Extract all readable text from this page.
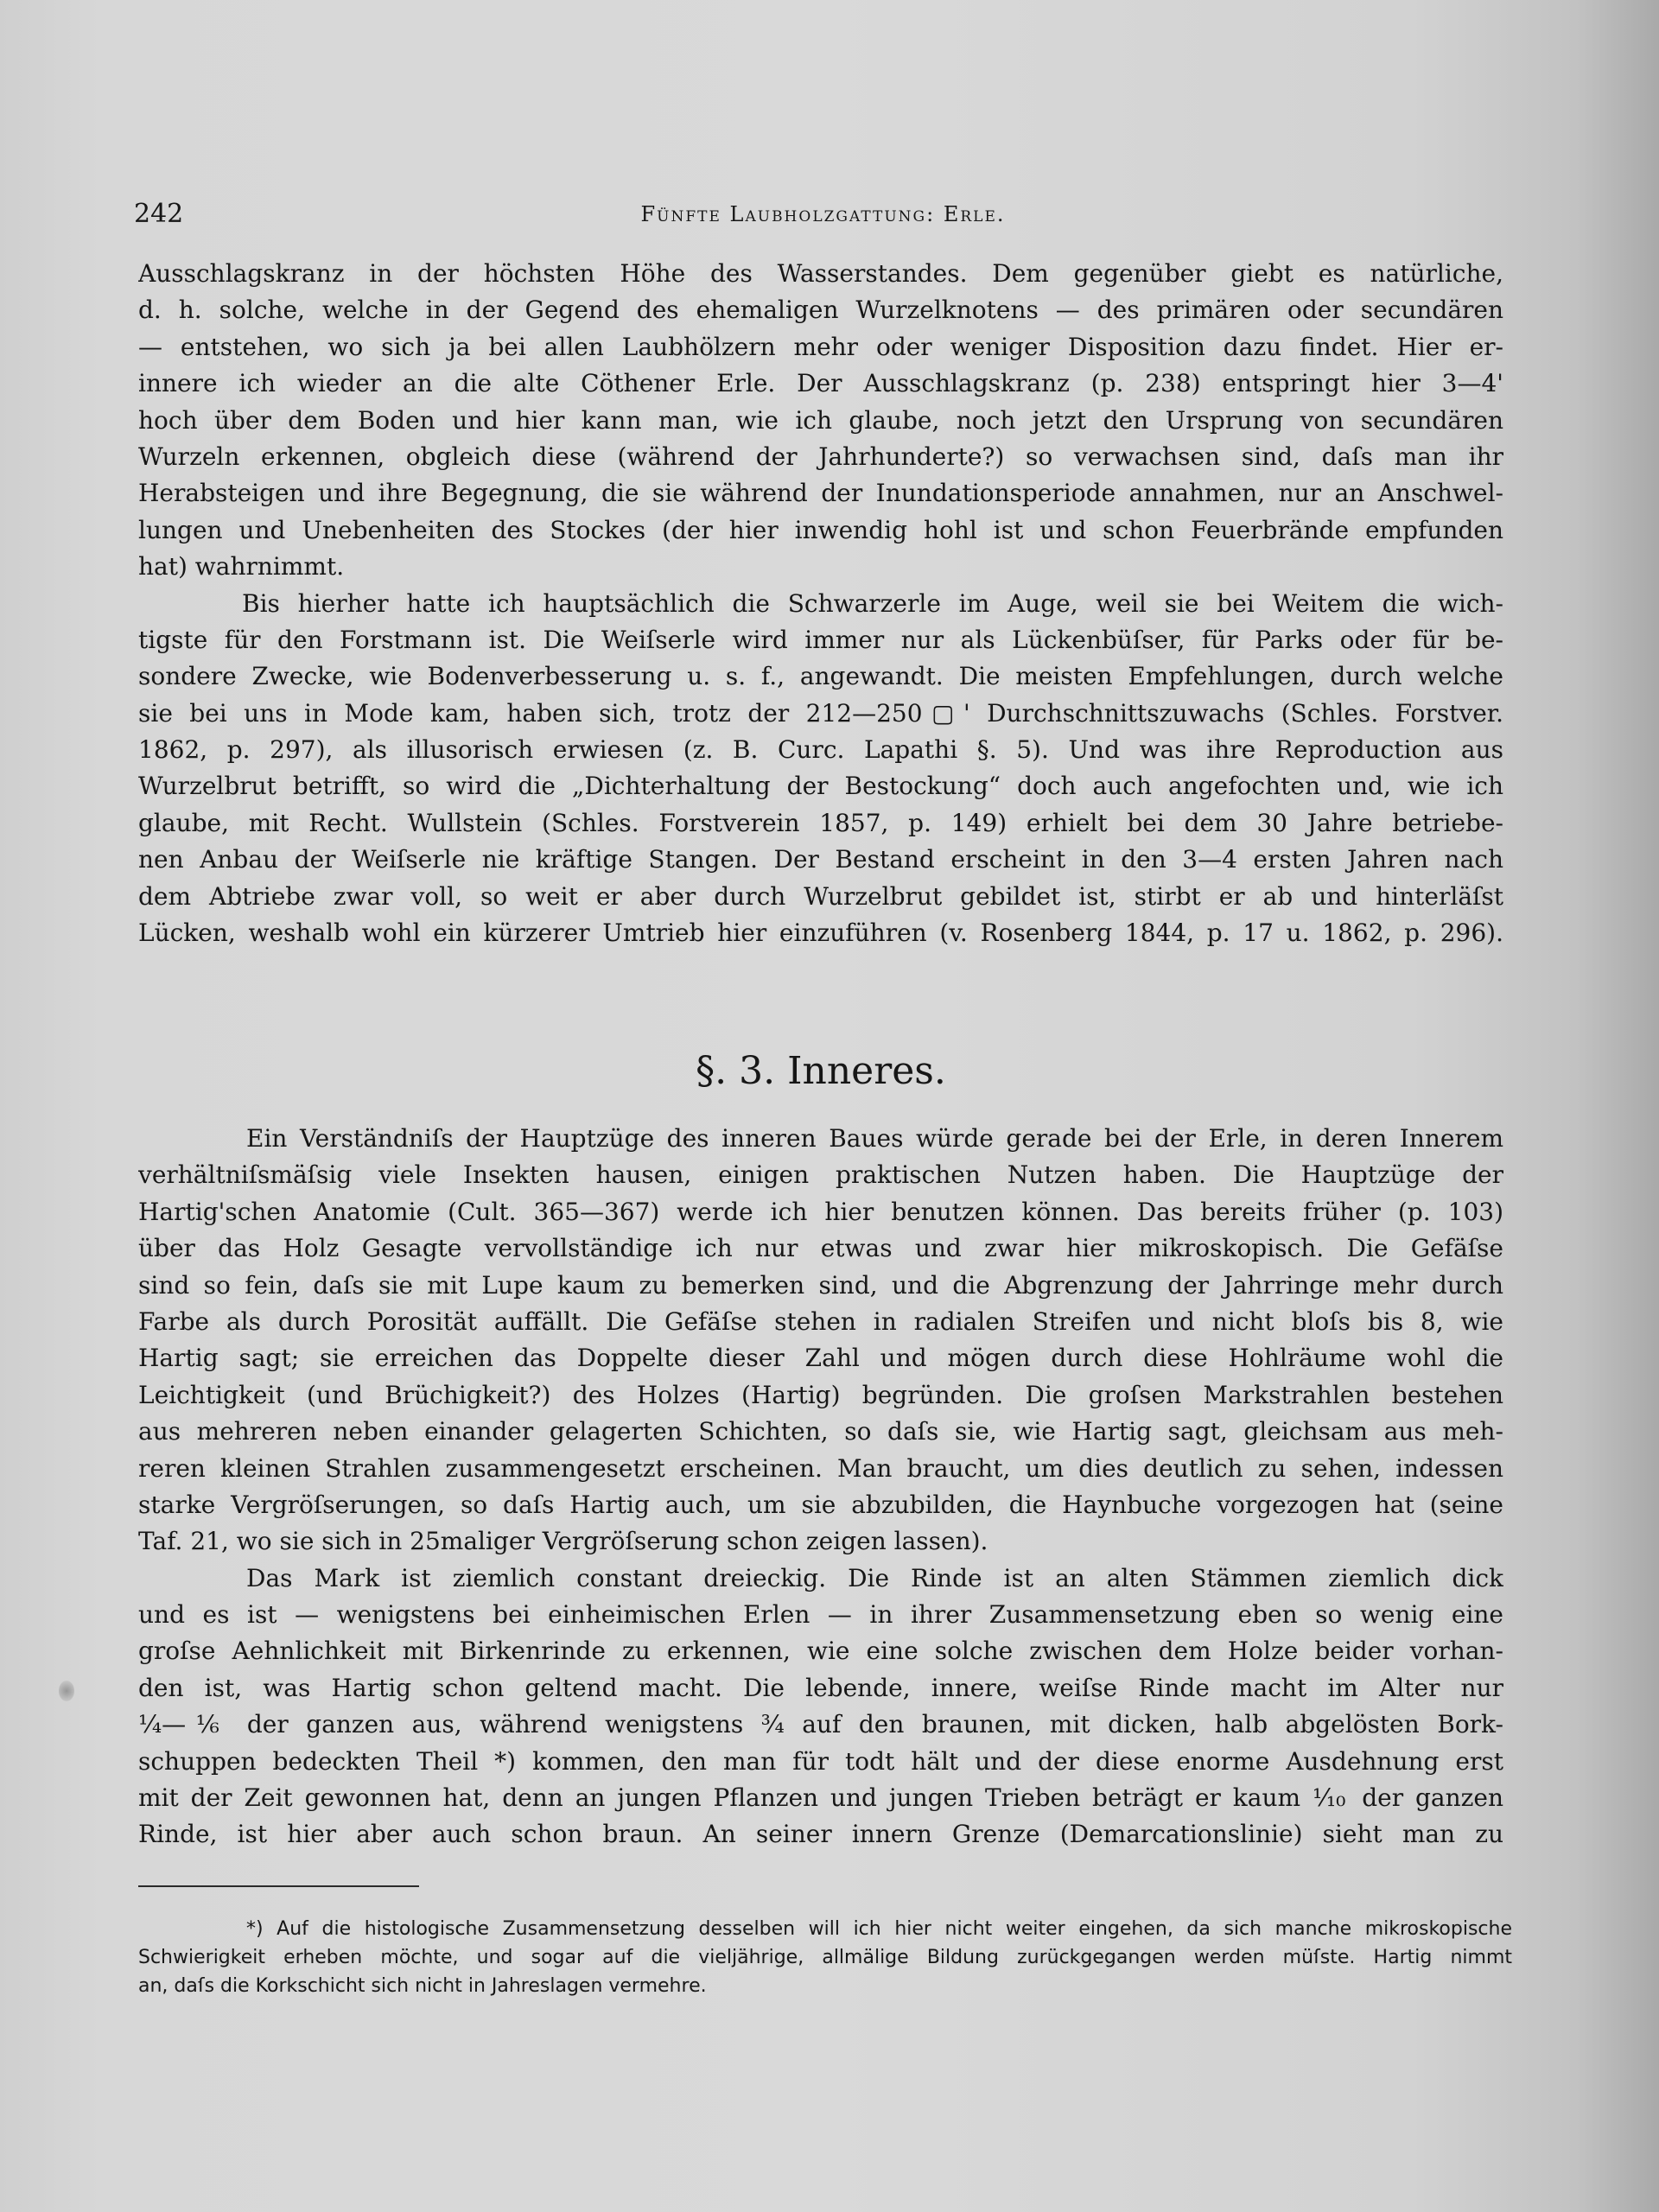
242	Fünfte Laubholzgattung: Erle.
Ausschlagskranz in der höchsten Höhe des Wasserstandes. Dem gegenüber giebt es natürliche,
d. h. solche, welche in der Gegend des ehemaligen Wurzelknotens — des primären oder secundären
— entstehen, wo sich ja bei allen Laubhölzern mehr oder weniger Disposition dazu findet. Hier er-
innere ich wieder an die alte Cöthener Erle. Der Ausschlagskranz (p. 238) entspringt hier 3—4'
hoch über dem Boden und hier kann man, wie ich glaube, noch jetzt den Ursprung von secundären
Wurzeln erkennen, obgleich diese (während der Jahrhunderte?) so verwachsen sind, daſs man ihr
Herabsteigen und ihre Begegnung, die sie während der Inundationsperiode annahmen, nur an Anschwel-
lungen und Unebenheiten des Stockes (der hier inwendig hohl ist und schon Feuerbrände empfunden
hat) wahrnimmt.
Bis hierher hatte ich hauptsächlich die Schwarzerle im Auge, weil sie bei Weitem die wich-
tigste für den Forstmann ist. Die Weiſserle wird immer nur als Lückenbüſser, für Parks oder für be-
sondere Zwecke, wie Bodenverbesserung u. s. f., angewandt. Die meisten Empfehlungen, durch welche
sie bei uns in Mode kam, haben sich, trotz der 212—250▢' Durchschnittszuwachs (Schles. Forstver.
1862, p. 297), als illusorisch erwiesen (z. B. Curc. Lapathi §. 5). Und was ihre Reproduction aus
Wurzelbrut betrifft, so wird die „Dichterhaltung der Bestockung“ doch auch angefochten und, wie ich
glaube, mit Recht. Wullstein (Schles. Forstverein 1857, p. 149) erhielt bei dem 30 Jahre betriebe-
nen Anbau der Weiſserle nie kräftige Stangen. Der Bestand erscheint in den 3—4 ersten Jahren nach
dem Abtriebe zwar voll, so weit er aber durch Wurzelbrut gebildet ist, stirbt er ab und hinterläſst
Lücken, weshalb wohl ein kürzerer Umtrieb hier einzuführen (v. Rosenberg 1844, p. 17 u. 1862, p. 296).
§. 3. Inneres.
Ein Verständniſs der Hauptzüge des inneren Baues würde gerade bei der Erle, in deren Innerem
verhältniſsmäſsig viele Insekten hausen, einigen praktischen Nutzen haben. Die Hauptzüge der
Hartig'schen Anatomie (Cult. 365—367) werde ich hier benutzen können. Das bereits früher (p. 103)
über das Holz Gesagte vervollständige ich nur etwas und zwar hier mikroskopisch. Die Gefäſse
sind so fein, daſs sie mit Lupe kaum zu bemerken sind, und die Abgrenzung der Jahrringe mehr durch
Farbe als durch Porosität auffällt. Die Gefäſse stehen in radialen Streifen und nicht bloſs bis 8, wie
Hartig sagt; sie erreichen das Doppelte dieser Zahl und mögen durch diese Hohlräume wohl die
Leichtigkeit (und Brüchigkeit?) des Holzes (Hartig) begründen. Die groſsen Markstrahlen bestehen
aus mehreren neben einander gelagerten Schichten, so daſs sie, wie Hartig sagt, gleichsam aus meh-
reren kleinen Strahlen zusammengesetzt erscheinen. Man braucht, um dies deutlich zu sehen, indessen
starke Vergröſserungen, so daſs Hartig auch, um sie abzubilden, die Haynbuche vorgezogen hat (seine
Taf. 21, wo sie sich in 25maliger Vergröſserung schon zeigen lassen).
Das Mark ist ziemlich constant dreieckig. Die Rinde ist an alten Stämmen ziemlich dick
und es ist — wenigstens bei einheimischen Erlen — in ihrer Zusammensetzung eben so wenig eine
groſse Aehnlichkeit mit Birkenrinde zu erkennen, wie eine solche zwischen dem Holze beider vorhan-
den ist, was Hartig schon geltend macht. Die lebende, innere, weiſse Rinde macht im Alter nur
¼—⅙ der ganzen aus, während wenigstens ¾ auf den braunen, mit dicken, halb abgelösten Bork-
schuppen bedeckten Theil *) kommen, den man für todt hält und der diese enorme Ausdehnung erst
mit der Zeit gewonnen hat, denn an jungen Pflanzen und jungen Trieben beträgt er kaum ⅒ der ganzen
Rinde, ist hier aber auch schon braun. An seiner innern Grenze (Demarcationslinie) sieht man zu
*) Auf die histologische Zusammensetzung desselben will ich hier nicht weiter eingehen, da sich manche mikroskopische
Schwierigkeit erheben möchte, und sogar auf die vieljährige, allmälige Bildung zurückgegangen werden müſste. Hartig nimmt
an, daſs die Korkschicht sich nicht in Jahreslagen vermehre.
